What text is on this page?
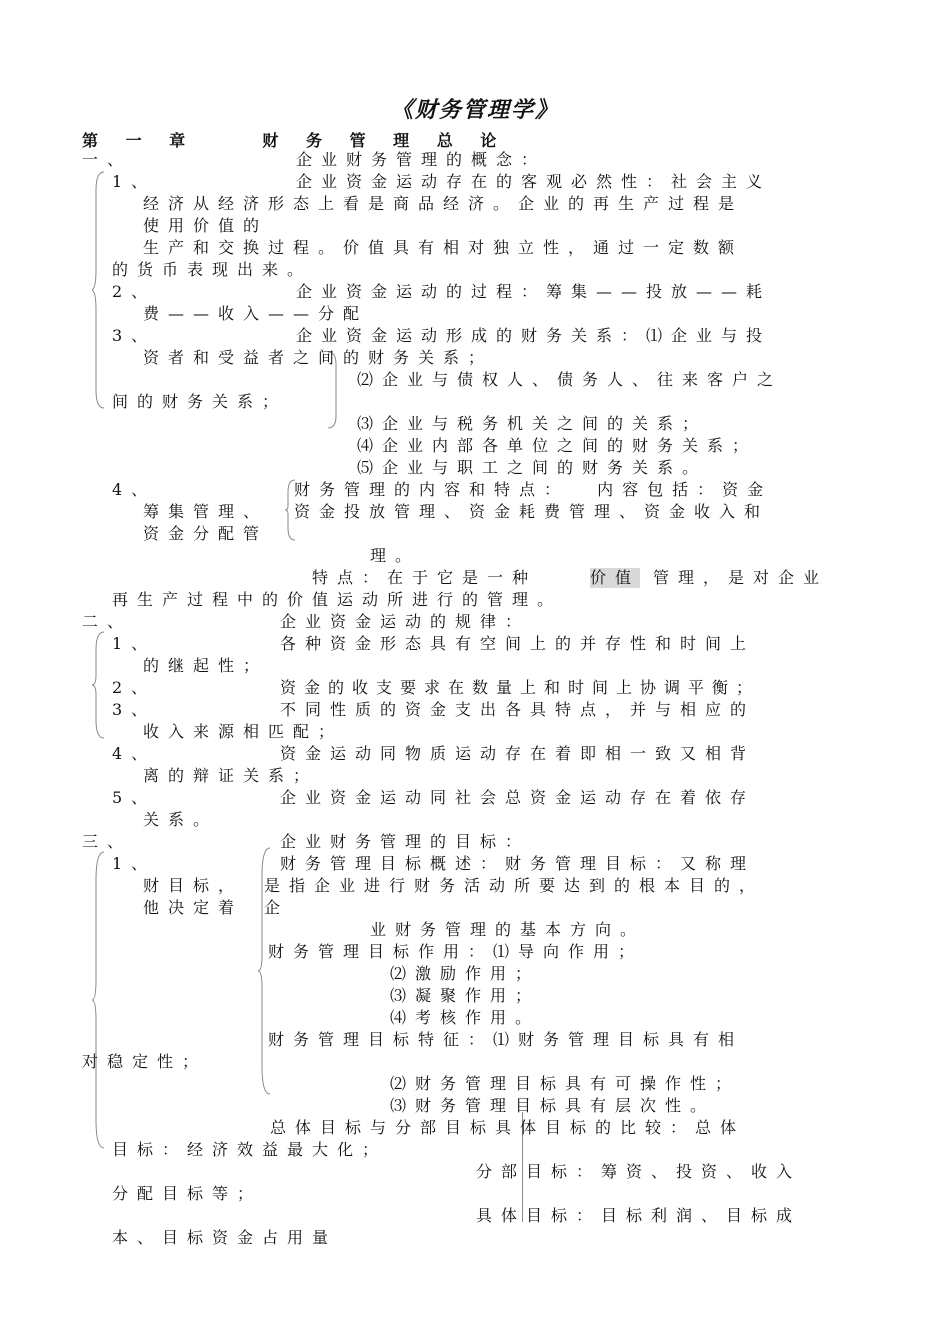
《财务管理学》
第 一 章    财 务 管 理 总 论
一、	企业财务管理的概念：
1、	企业资金运动存在的客观必然性：社会主义
经济从经济形态上看是商品经济。企业的再生产过程是
使用价值的
生产和交换过程。价值具有相对独立性，通过一定数额
的货币表现出来。
2、	企业资金运动的过程：筹集——投放——耗
费——收入——分配
3、	企业资金运动形成的财务关系：⑴企业与投
资者和受益者之间的财务关系；
⑵企业与债权人、债务人、往来客户之
间的财务关系；
⑶企业与税务机关之间的关系；
⑷企业内部各单位之间的财务关系；
⑸企业与职工之间的财务关系。
4、	财务管理的内容和特点：  内容包括：资金
筹集管理、 资金投放管理、资金耗费管理、资金收入和
资金分配管
理。
特点：在于它是一种	价值 管理，是对企业
再生产过程中的价值运动所进行的管理。
二、	企业资金运动的规律：
1、	各种资金形态具有空间上的并存性和时间上
的继起性；
2、	资金的收支要求在数量上和时间上协调平衡；
3、	不同性质的资金支出各具特点，并与相应的
收入来源相匹配；
4、	资金运动同物质运动存在着即相一致又相背
离的辩证关系；
5、	企业资金运动同社会总资金运动存在着依存
关系。
三、	企业财务管理的目标：
1、	财务管理目标概述：财务管理目标：又称理
财目标， 是指企业进行财务活动所要达到的根本目的，
他决定着 企
业财务管理的基本方向。
财务管理目标作用：⑴导向作用；
⑵激励作用；
⑶凝聚作用；
⑷考核作用。
财务管理目标特征：⑴财务管理目标具有相
对稳定性；
⑵财务管理目标具有可操作性；
⑶财务管理目标具有层次性。
总体目标与分部目标具体目标的比较：总体
目标：经济效益最大化；
分部目标：筹资、投资、收入
分配目标等；
具体目标：目标利润、目标成
本、目标资金占用量
